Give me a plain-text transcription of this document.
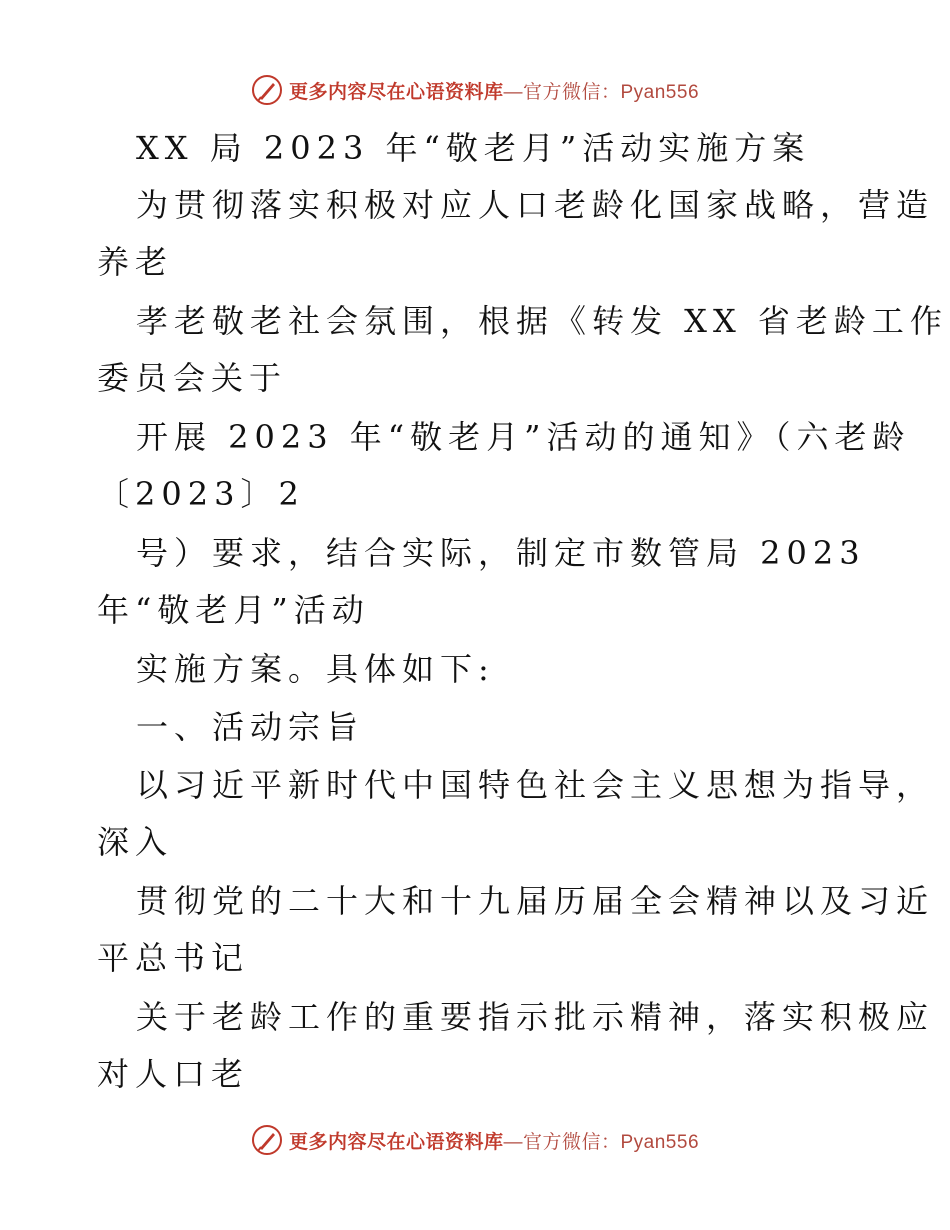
更多内容尽在心语资料库—官方微信：Pyan556
XX 局 2023 年“敬老月”活动实施方案
为贯彻落实积极对应人口老龄化国家战略，营造
养老
孝老敬老社会氛围，根据《转发 XX 省老龄工作
委员会关于
开展 2023 年“敬老月”活动的通知》（六老龄
〔2023〕2
号）要求，结合实际，制定市数管局 2023
年“敬老月”活动
实施方案。具体如下:
一、活动宗旨
以习近平新时代中国特色社会主义思想为指导，
深入
贯彻党的二十大和十九届历届全会精神以及习近
平总书记
关于老龄工作的重要指示批示精神，落实积极应
对人口老
更多内容尽在心语资料库—官方微信：Pyan556
